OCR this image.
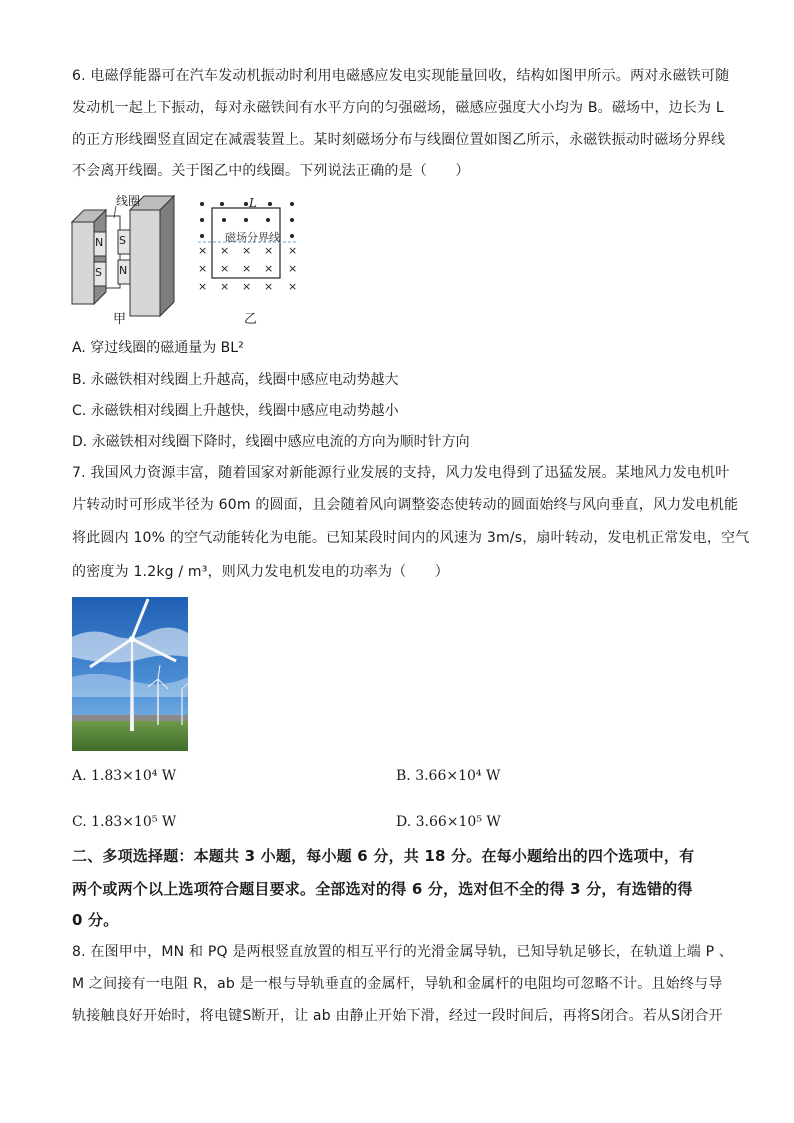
6. 电磁俘能器可在汽车发动机振动时利用电磁感应发电实现能量回收，结构如图甲所示。两对永磁铁可随
发动机一起上下振动，每对永磁铁间有水平方向的匀强磁场，磁感应强度大小均为 B。磁场中，边长为 L
的正方形线圈竖直固定在减震装置上。某时刻磁场分布与线圈位置如图乙所示，永磁铁振动时磁场分界线
不会离开线圈。关于图乙中的线圈。下列说法正确的是（　　）
线圈
N
S
S
N
甲
× × × × ×
× × × × ×
× × × × ×
L
磁场分界线
乙
A. 穿过线圈的磁通量为 BL²
B. 永磁铁相对线圈上升越高，线圈中感应电动势越大
C. 永磁铁相对线圈上升越快，线圈中感应电动势越小
D. 永磁铁相对线圈下降时，线圈中感应电流的方向为顺时针方向
7. 我国风力资源丰富，随着国家对新能源行业发展的支持，风力发电得到了迅猛发展。某地风力发电机叶
片转动时可形成半径为 60m 的圆面，且会随着风向调整姿态使转动的圆面始终与风向垂直，风力发电机能
将此圆内 10% 的空气动能转化为电能。已知某段时间内的风速为 3m/s，扇叶转动，发电机正常发电，空气
的密度为 1.2kg / m³，则风力发电机发电的功率为（　　）
A. 1.83×10⁴ W	B. 3.66×10⁴ W
C. 1.83×10⁵ W	D. 3.66×10⁵ W
二、多项选择题：本题共 3 小题，每小题 6 分，共 18 分。在每小题给出的四个选项中，有
两个或两个以上选项符合题目要求。全部选对的得 6 分，选对但不全的得 3 分，有选错的得
0 分。
8. 在图甲中，MN 和 PQ 是两根竖直放置的相互平行的光滑金属导轨，已知导轨足够长，在轨道上端 P 、
M 之间接有一电阻 R，ab 是一根与导轨垂直的金属杆，导轨和金属杆的电阻均可忽略不计。且始终与导
轨接触良好开始时，将电键S断开，让 ab 由静止开始下滑，经过一段时间后，再将S闭合。若从S闭合开
